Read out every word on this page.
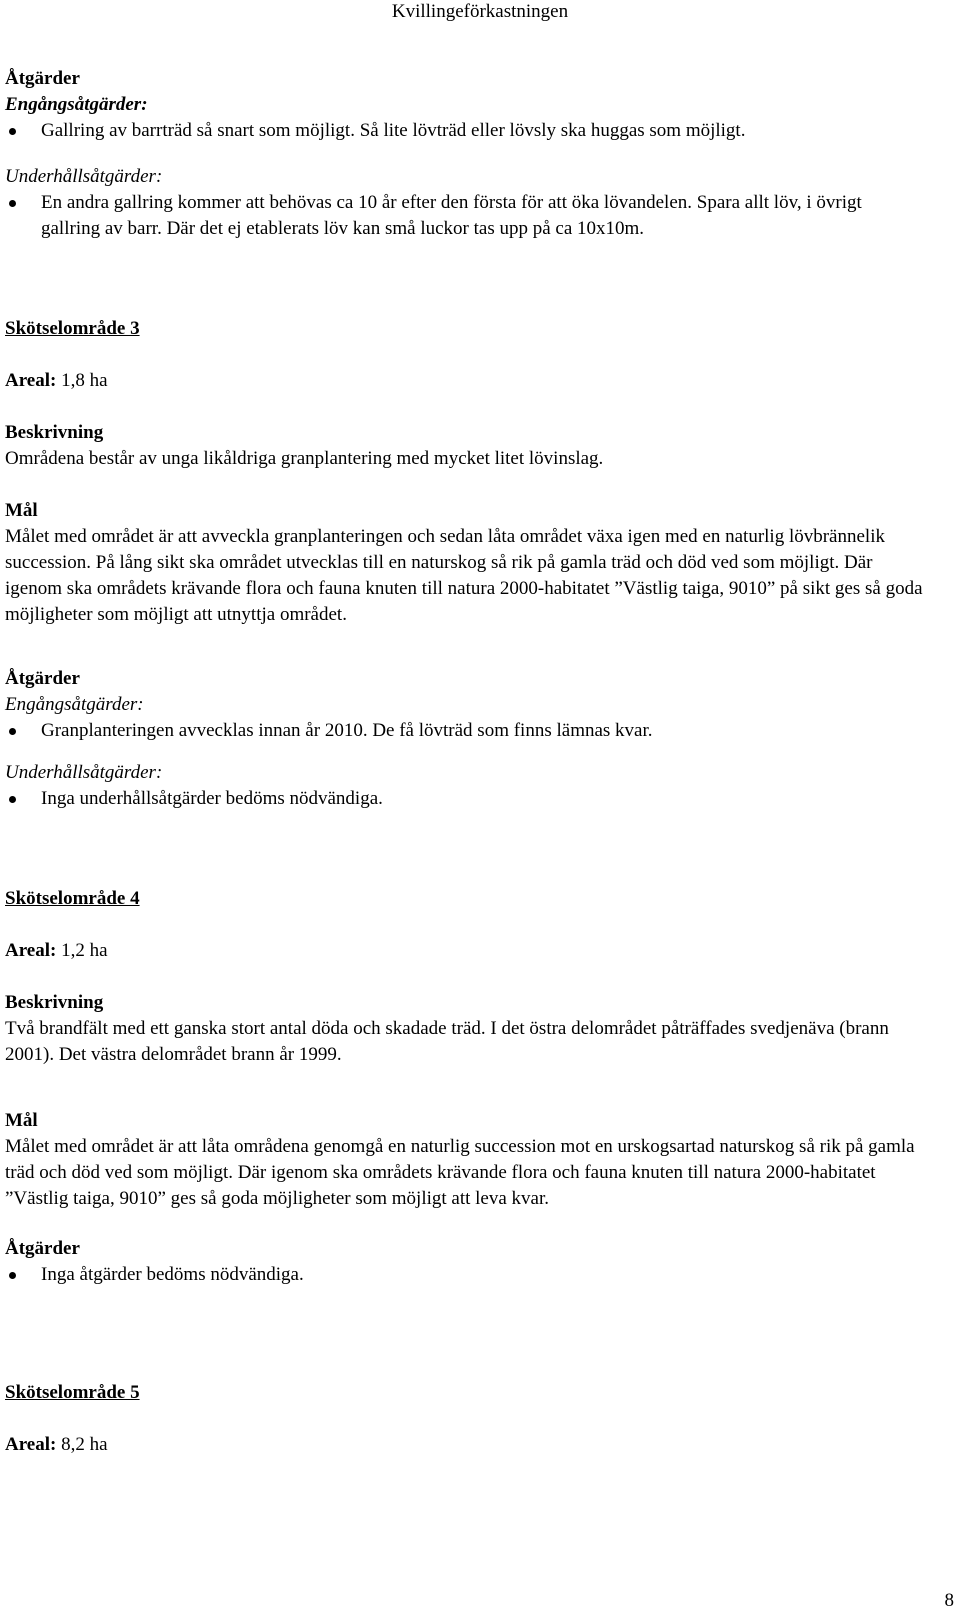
Kvillingeförkastningen

Åtgärder

Engångsåtgärder:

Gallring av barrträd så snart som möjligt. Så lite lövträd eller lövsly ska huggas som möjligt.

Underhållsåtgärder:

En andra gallring kommer att behövas ca 10 år efter den första för att öka lövandelen. Spara allt löv, i övrigt gallring av barr. Där det ej etablerats löv kan små luckor tas upp på ca 10x10m.

Skötselområde 3

Areal: 1,8 ha

Beskrivning

Områdena består av unga likåldriga granplantering med mycket litet lövinslag.

Mål

Målet med området är att avveckla granplanteringen och sedan låta området växa igen med en naturlig lövbrännelik succession. På lång sikt ska området utvecklas till en naturskog så rik på gamla träd och död ved som möjligt. Där igenom ska områdets krävande flora och fauna knuten till natura 2000-habitatet ”Västlig taiga, 9010” på sikt ges så goda möjligheter som möjligt att utnyttja området.

Åtgärder

Engångsåtgärder:

Granplanteringen avvecklas innan år 2010. De få lövträd som finns lämnas kvar.

Underhållsåtgärder:

Inga underhållsåtgärder bedöms nödvändiga.

Skötselområde 4

Areal: 1,2 ha

Beskrivning

Två brandfält med ett ganska stort antal döda och skadade träd. I det östra delområdet påträffades svedjenäva (brann 2001). Det västra delområdet brann år 1999.

Mål

Målet med området är att låta områdena genomgå en naturlig succession mot en urskogsartad naturskog så rik på gamla träd och död ved som möjligt. Där igenom ska områdets krävande flora och fauna knuten till natura 2000-habitatet ”Västlig taiga, 9010” ges så goda möjligheter som möjligt att leva kvar.

Åtgärder

Inga åtgärder bedöms nödvändiga.

Skötselområde 5

Areal: 8,2 ha

8
